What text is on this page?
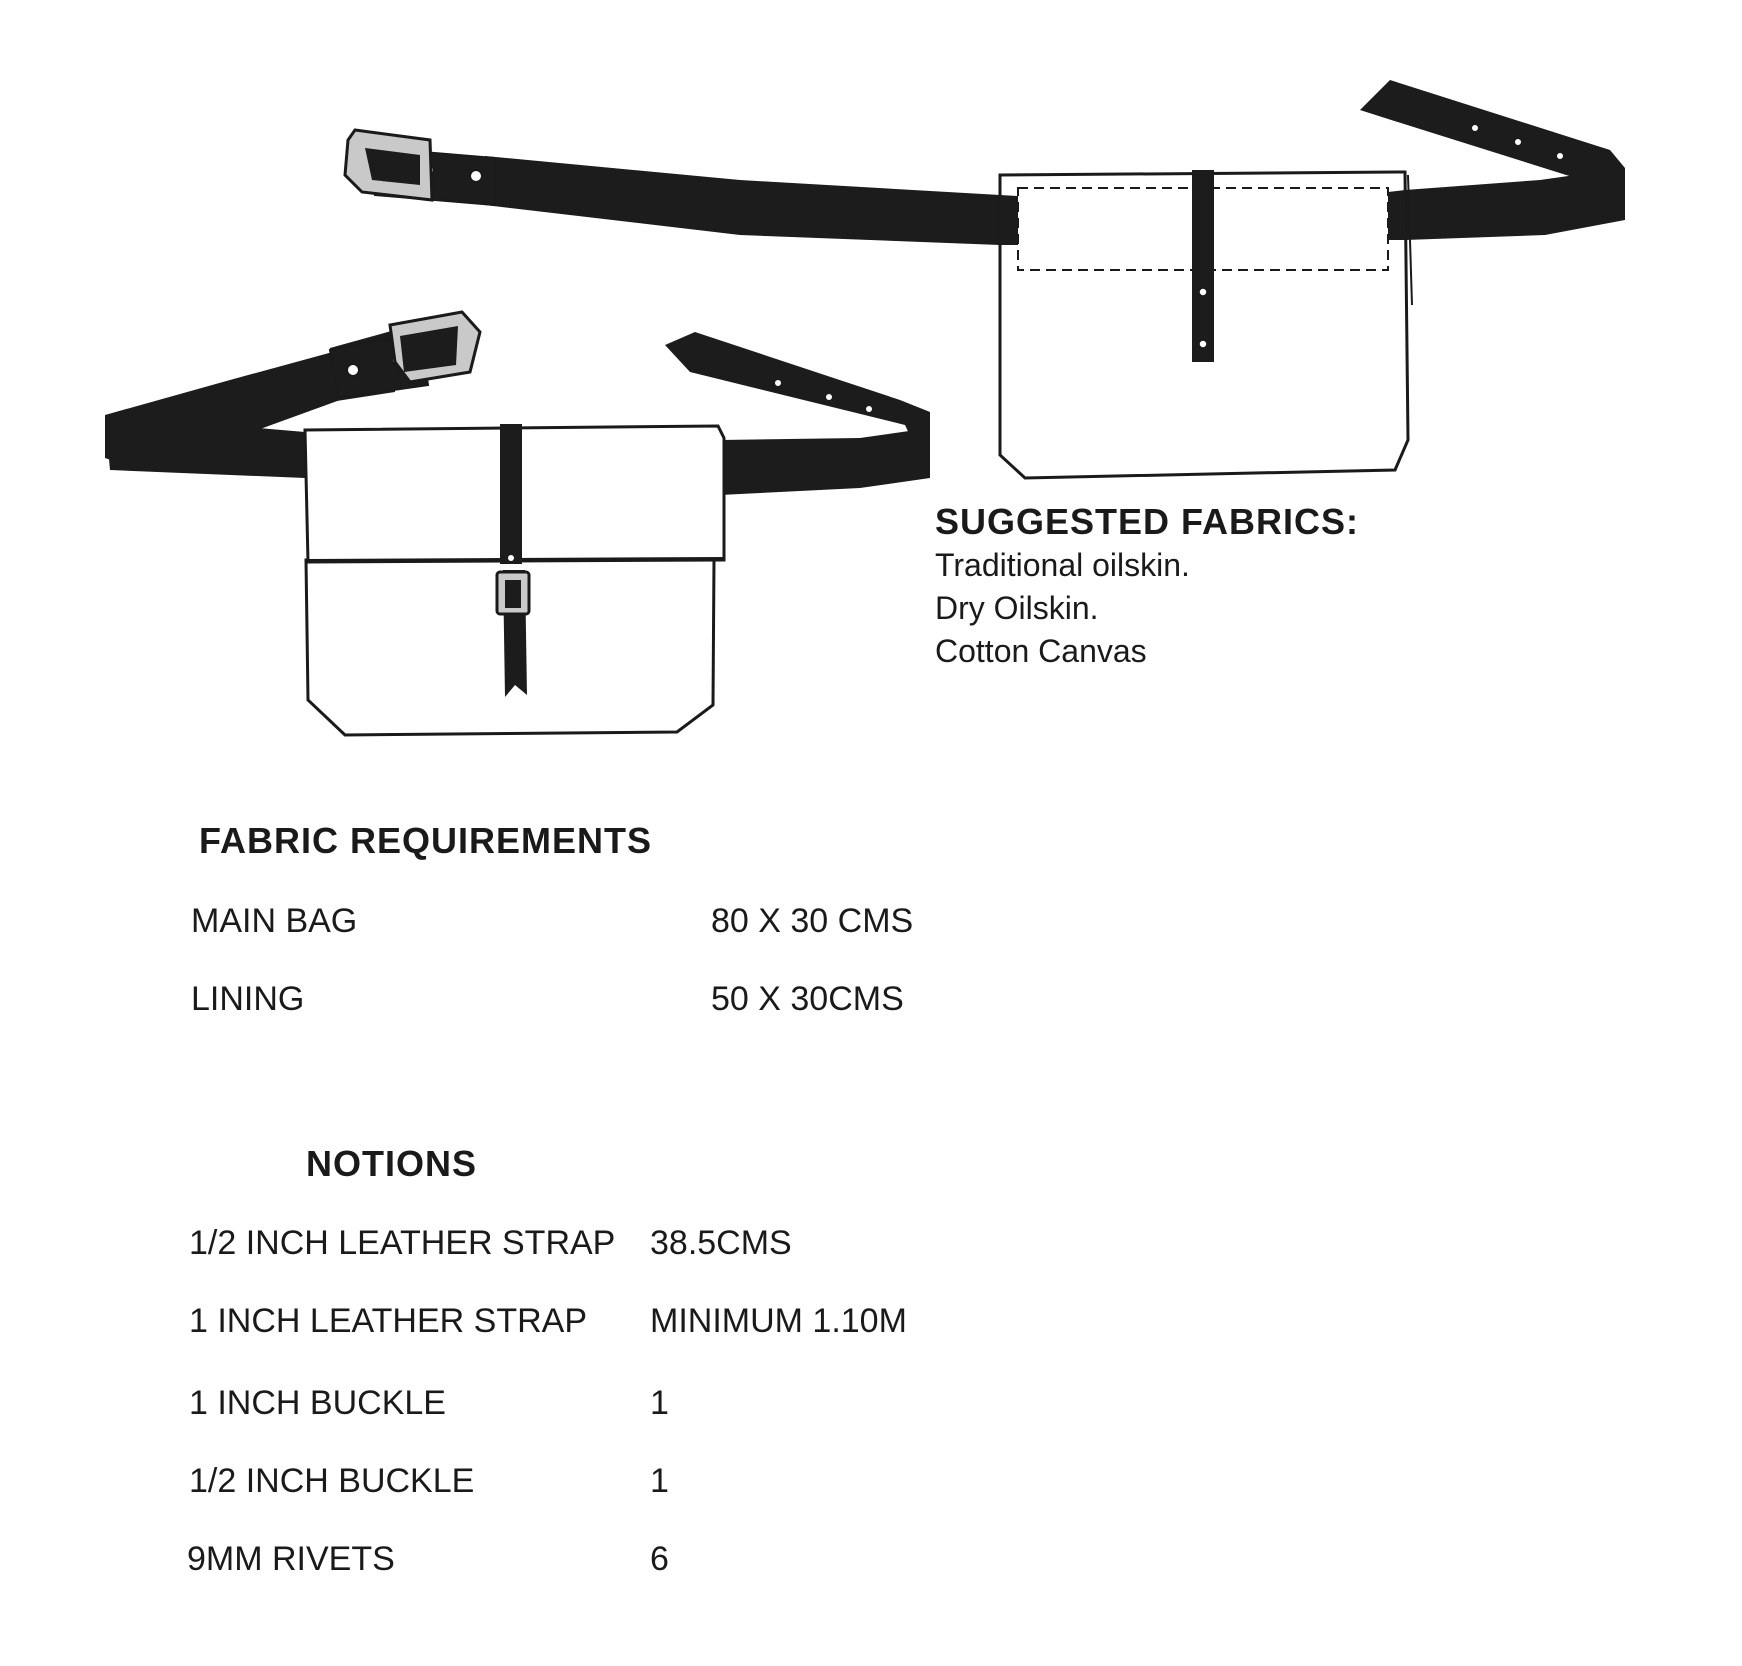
SUGGESTED FABRICS:
Traditional oilskin.
Dry Oilskin.
Cotton Canvas
FABRIC REQUIREMENTS
MAIN BAG	80 X 30 CMS
LINING	50 X 30CMS
NOTIONS
1/2 INCH LEATHER STRAP 38.5CMS
1 INCH LEATHER STRAP MINIMUM 1.10M
1 INCH BUCKLE	1
1/2 INCH BUCKLE	1
9MM RIVETS	6
